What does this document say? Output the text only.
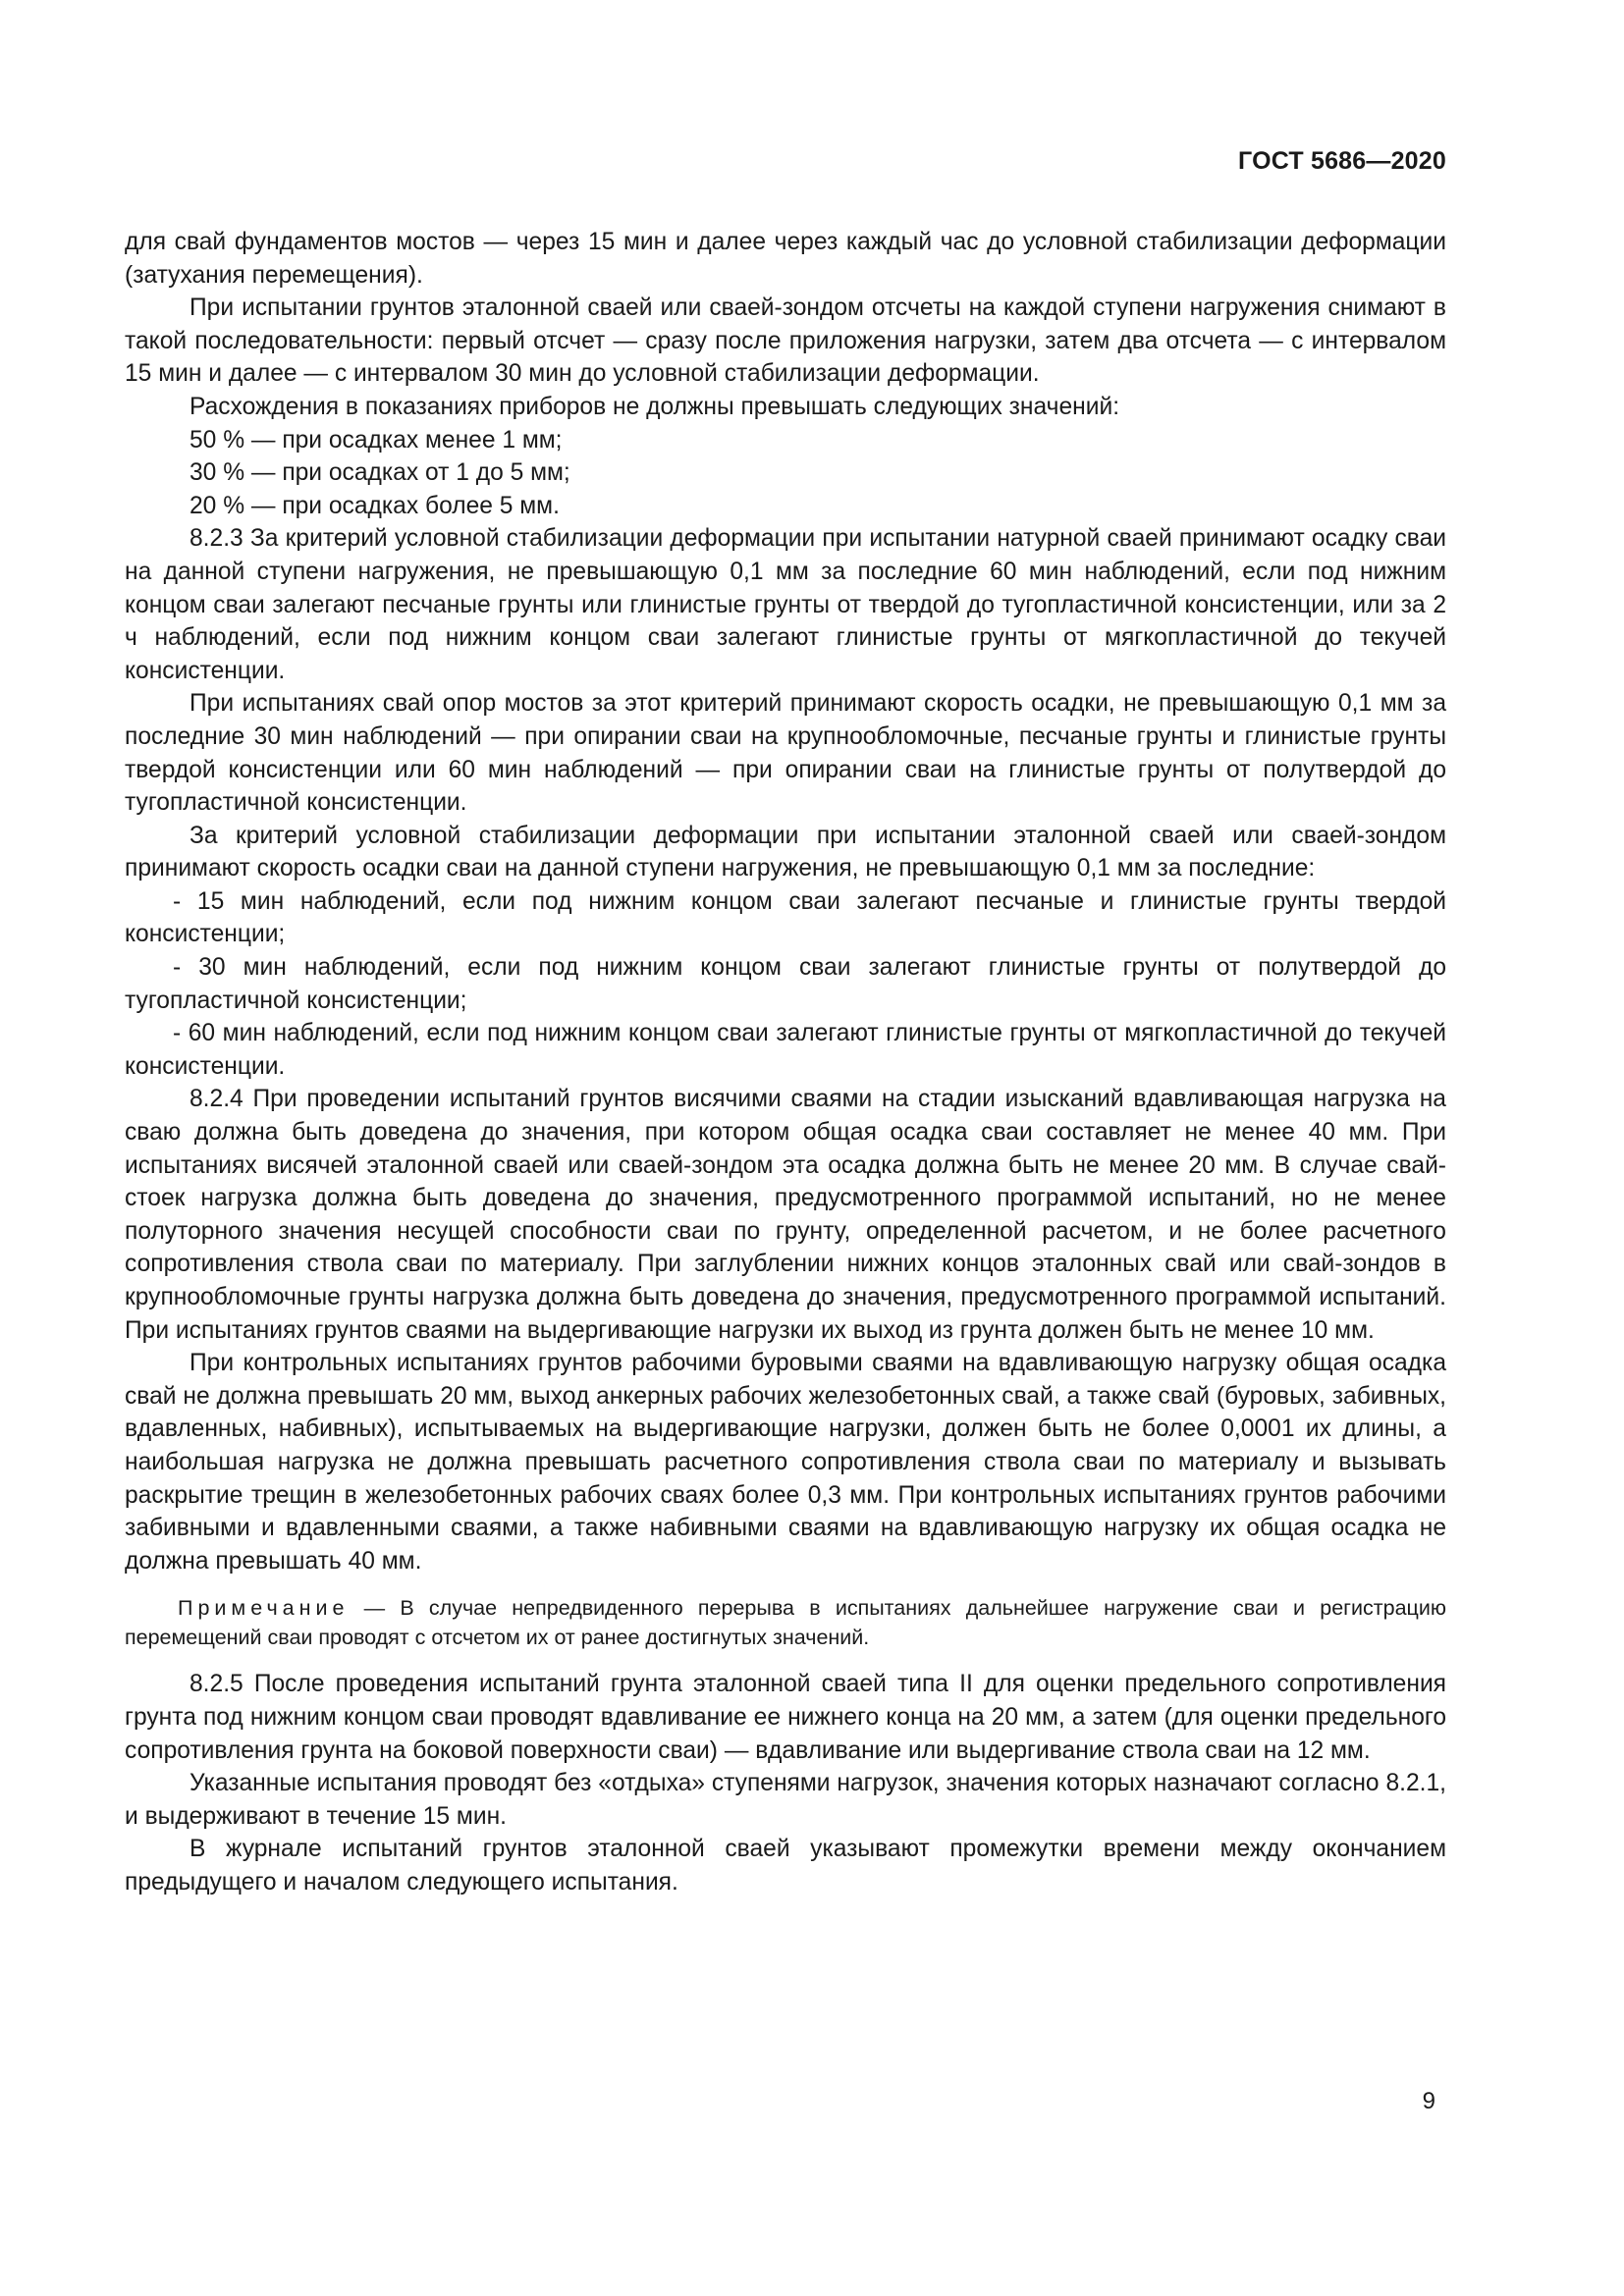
ГОСТ 5686—2020

для свай фундаментов мостов — через 15 мин и далее через каждый час до условной стабилизации деформации (затухания перемещения).

При испытании грунтов эталонной сваей или сваей-зондом отсчеты на каждой ступени нагружения снимают в такой последовательности: первый отсчет — сразу после приложения нагрузки, затем два отсчета — с интервалом 15 мин и далее — с интервалом 30 мин до условной стабилизации деформации.

Расхождения в показаниях приборов не должны превышать следующих значений:

50 % — при осадках менее 1 мм;

30 % — при осадках от 1 до 5 мм;

20 % — при осадках более 5 мм.

8.2.3 За критерий условной стабилизации деформации при испытании натурной сваей принимают осадку сваи на данной ступени нагружения, не превышающую 0,1 мм за последние 60 мин наблюдений, если под нижним концом сваи залегают песчаные грунты или глинистые грунты от твердой до тугопластичной консистенции, или за 2 ч наблюдений, если под нижним концом сваи залегают глинистые грунты от мягкопластичной до текучей консистенции.

При испытаниях свай опор мостов за этот критерий принимают скорость осадки, не превышающую 0,1 мм за последние 30 мин наблюдений — при опирании сваи на крупнообломочные, песчаные грунты и глинистые грунты твердой консистенции или 60 мин наблюдений — при опирании сваи на глинистые грунты от полутвердой до тугопластичной консистенции.

За критерий условной стабилизации деформации при испытании эталонной сваей или сваей-зондом принимают скорость осадки сваи на данной ступени нагружения, не превышающую 0,1 мм за последние:

- 15 мин наблюдений, если под нижним концом сваи залегают песчаные и глинистые грунты твердой консистенции;

- 30 мин наблюдений, если под нижним концом сваи залегают глинистые грунты от полутвердой до тугопластичной консистенции;

- 60 мин наблюдений, если под нижним концом сваи залегают глинистые грунты от мягкопластичной до текучей консистенции.

8.2.4 При проведении испытаний грунтов висячими сваями на стадии изысканий вдавливающая нагрузка на сваю должна быть доведена до значения, при котором общая осадка сваи составляет не менее 40 мм. При испытаниях висячей эталонной сваей или сваей-зондом эта осадка должна быть не менее 20 мм. В случае свай-стоек нагрузка должна быть доведена до значения, предусмотренного программой испытаний, но не менее полуторного значения несущей способности сваи по грунту, определенной расчетом, и не более расчетного сопротивления ствола сваи по материалу. При заглублении нижних концов эталонных свай или свай-зондов в крупнообломочные грунты нагрузка должна быть доведена до значения, предусмотренного программой испытаний. При испытаниях грунтов сваями на выдергивающие нагрузки их выход из грунта должен быть не менее 10 мм.

При контрольных испытаниях грунтов рабочими буровыми сваями на вдавливающую нагрузку общая осадка свай не должна превышать 20 мм, выход анкерных рабочих железобетонных свай, а также свай (буровых, забивных, вдавленных, набивных), испытываемых на выдергивающие нагрузки, должен быть не более 0,0001 их длины, а наибольшая нагрузка не должна превышать расчетного сопротивления ствола сваи по материалу и вызывать раскрытие трещин в железобетонных рабочих сваях более 0,3 мм. При контрольных испытаниях грунтов рабочими забивными и вдавленными сваями, а также набивными сваями на вдавливающую нагрузку их общая осадка не должна превышать 40 мм.

Примечание — В случае непредвиденного перерыва в испытаниях дальнейшее нагружение сваи и регистрацию перемещений сваи проводят с отсчетом их от ранее достигнутых значений.

8.2.5 После проведения испытаний грунта эталонной сваей типа II для оценки предельного сопротивления грунта под нижним концом сваи проводят вдавливание ее нижнего конца на 20 мм, а затем (для оценки предельного сопротивления грунта на боковой поверхности сваи) — вдавливание или выдергивание ствола сваи на 12 мм.

Указанные испытания проводят без «отдыха» ступенями нагрузок, значения которых назначают согласно 8.2.1, и выдерживают в течение 15 мин.

В журнале испытаний грунтов эталонной сваей указывают промежутки времени между окончанием предыдущего и началом следующего испытания.

9
